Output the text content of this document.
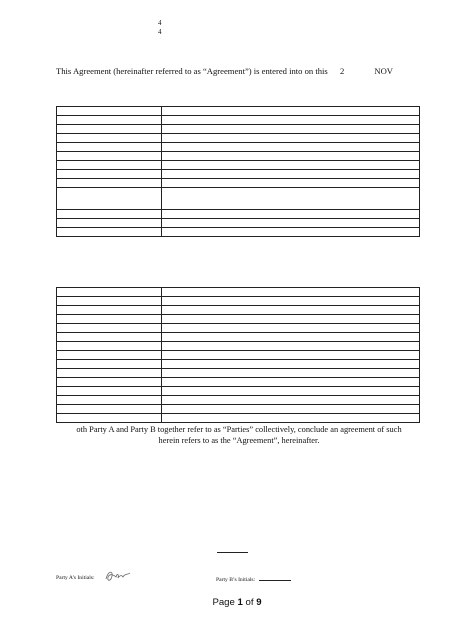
4
4
This Agreement (hereinafter referred to as “Agreement”) is entered into on this 2	NOV

oth Party A and Party B together refer to as “Parties” collectively, conclude an agreement of such
herein refers to as the “Agreement”, hereinafter.
Party A’s Initials:	Party B’s Initials:
Page 1 of 9
